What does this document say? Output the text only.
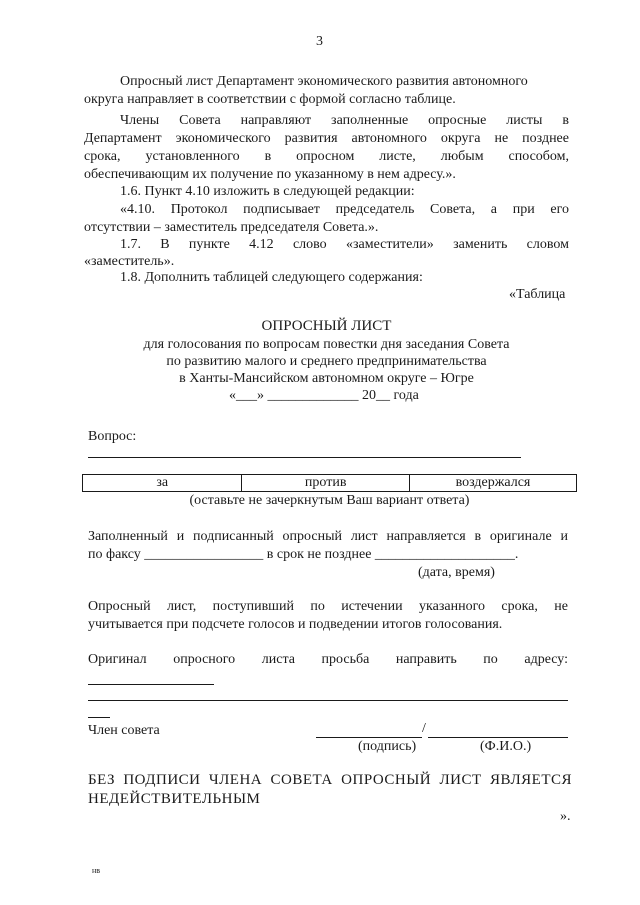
3
Опросный лист Департамент экономического развития автономного
округа направляет в соответствии с формой согласно таблице.
Члены Совета направляют заполненные опросные листы в
Департамент экономического развития автономного округа не позднее
срока, установленного в опросном листе, любым способом,
обеспечивающим их получение по указанному в нем адресу.».
1.6. Пункт 4.10 изложить в следующей редакции:
«4.10. Протокол подписывает председатель Совета, а при его
отсутствии – заместитель председателя Совета.».
1.7. В пункте 4.12 слово «заместители» заменить словом
«заместитель».
1.8. Дополнить таблицей следующего содержания:
«Таблица
ОПРОСНЫЙ ЛИСТ
для голосования по вопросам повестки дня заседания Совета
по развитию малого и среднего предпринимательства
в Ханты-Мансийском автономном округе – Югре
«___» _____________ 20__ года
Вопрос:
за	против	воздержался
(оставьте не зачеркнутым Ваш вариант ответа)
Заполненный и подписанный опросный лист направляется в оригинале и
по факсу _________________ в срок не позднее ____________________.
(дата, время)
Опросный лист, поступивший по истечении указанного срока, не
учитывается при подсчете голосов и подведении итогов голосования.
Оригинал опросного листа просьба направить по адресу:
Член совета	/
(подпись)	(Ф.И.О.)
БЕЗ ПОДПИСИ ЧЛЕНА СОВЕТА ОПРОСНЫЙ ЛИСТ ЯВЛЯЕТСЯ
НЕДЕЙСТВИТЕЛЬНЫМ
».
нв
